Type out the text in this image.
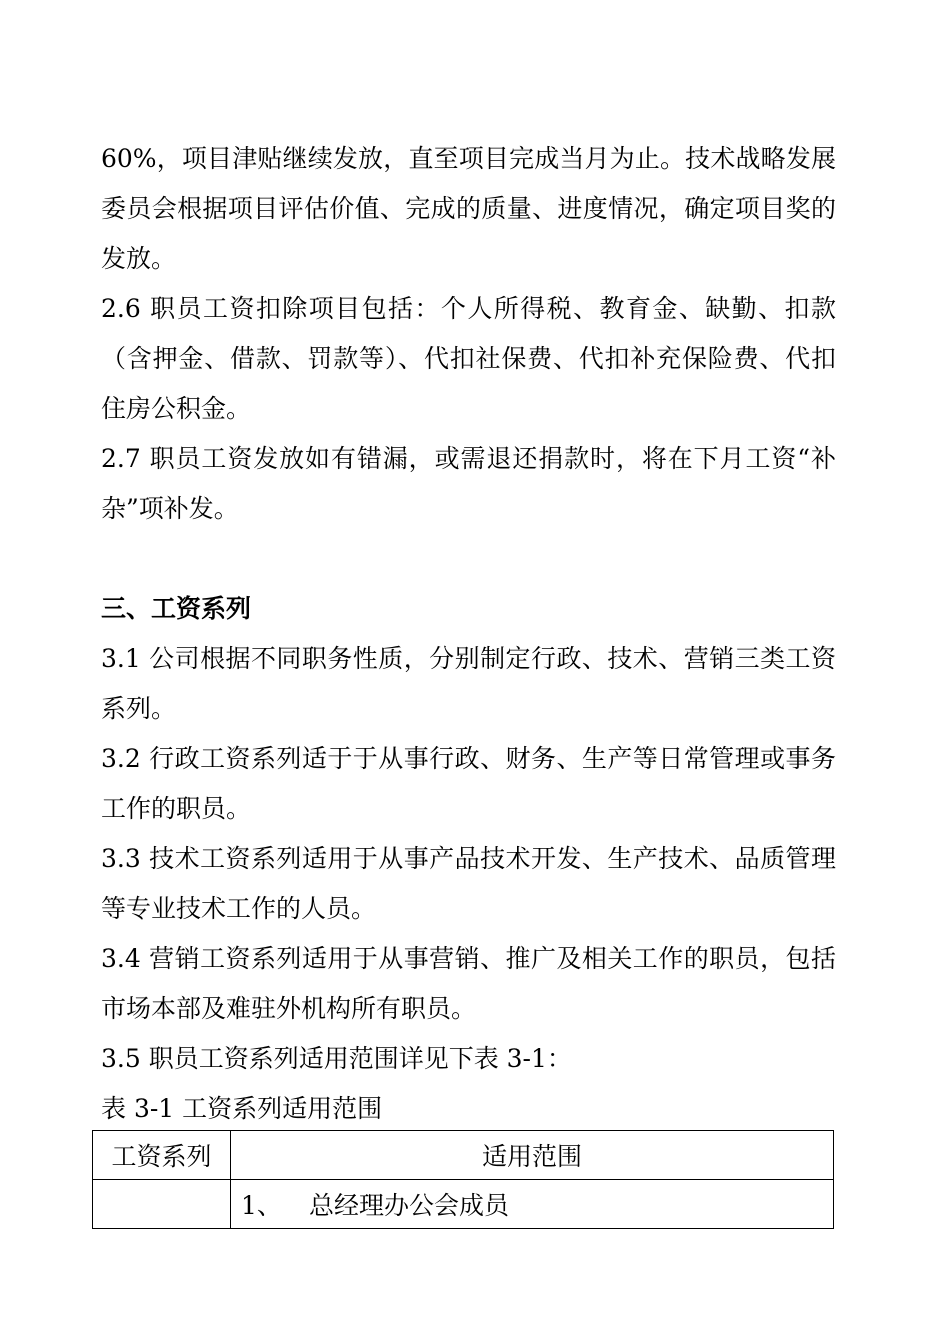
60%，项目津贴继续发放，直至项目完成当月为止。技术战略发展委员会根据项目评估价值、完成的质量、进度情况，确定项目奖的发放。

2.6 职员工资扣除项目包括：个人所得税、教育金、缺勤、扣款（含押金、借款、罚款等）、代扣社保费、代扣补充保险费、代扣住房公积金。

2.7 职员工资发放如有错漏，或需退还捐款时，将在下月工资“补杂”项补发。

三、工资系列

3.1 公司根据不同职务性质，分别制定行政、技术、营销三类工资系列。

3.2 行政工资系列适于于从事行政、财务、生产等日常管理或事务工作的职员。

3.3 技术工资系列适用于从事产品技术开发、生产技术、品质管理等专业技术工作的人员。

3.4 营销工资系列适用于从事营销、推广及相关工作的职员，包括市场本部及难驻外机构所有职员。

3.5 职员工资系列适用范围详见下表 3-1：

表 3-1 工资系列适用范围

工资系列	适用范围
	1、 总经理办公会成员
